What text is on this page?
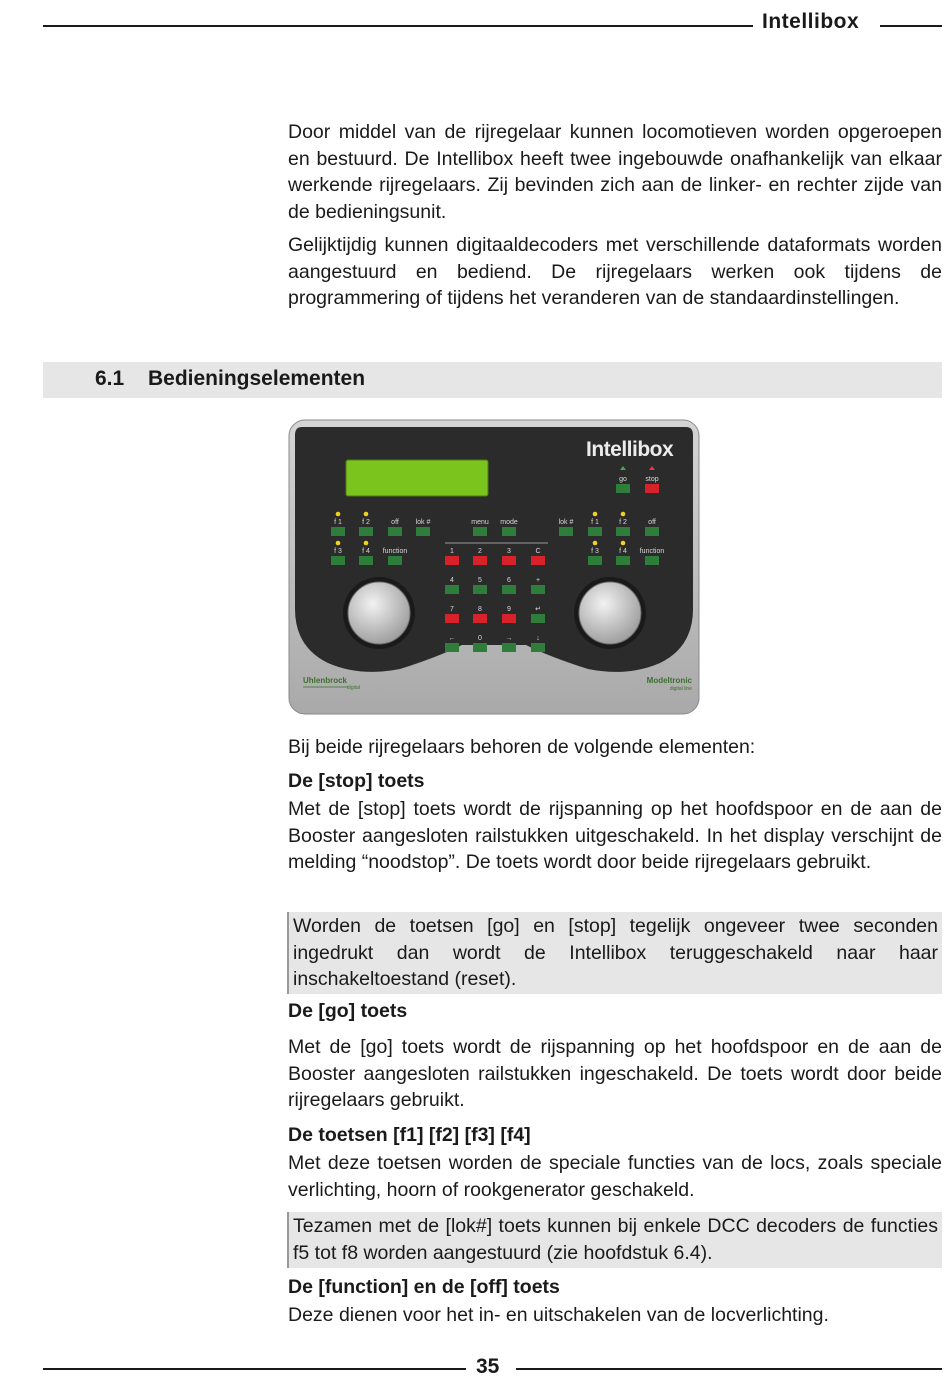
Intellibox

Door middel van de rijregelaar kunnen locomotieven worden opgeroepen en bestuurd. De Intellibox heeft twee ingebouwde onafhankelijk van elkaar werkende rijregelaars. Zij bevinden zich aan de linker- en rechter zijde van de bedieningsunit.

Gelijktijdig kunnen digitaaldecoders met verschillende dataformats worden aangestuurd en bediend. De rijregelaars werken ook tijdens de programmering of tijdens het veranderen van de standaardinstellingen.

6.1 Bedieningselementen
Intellibox
go	stop
f 1	f 2	off lok #
f 3	f 4 function
menu mode	lok #	f 1	f 2	off
f 3	f 4 function
1	2	3	C
4	5	6	+
7	8	9	↵
←	0	→	↓
Uhlenbrock
digital
Modeltronic
digital line

Bij beide rijregelaars behoren de volgende elementen:

De [stop] toets

Met de [stop] toets wordt de rijspanning op het hoofdspoor en de aan de Booster aangesloten railstukken uitgeschakeld. In het display verschijnt de melding “noodstop”. De toets wordt door beide rijregelaars gebruikt.

Worden de toetsen [go] en [stop] tegelijk ongeveer twee seconden ingedrukt dan wordt de Intellibox teruggeschakeld naar haar inschakeltoestand (reset).
De [go] toets

Met de [go] toets wordt de rijspanning op het hoofdspoor en de aan de Booster aangesloten railstukken ingeschakeld. De toets wordt door beide rijregelaars gebruikt.

De toetsen [f1] [f2] [f3] [f4]

Met deze toetsen worden de speciale functies van de locs, zoals speciale verlichting, hoorn of rookgenerator geschakeld.

Tezamen met de [lok#] toets kunnen bij enkele DCC decoders de functies f5 tot f8 worden aangestuurd (zie hoofdstuk 6.4).
De [function] en de [off] toets

Deze dienen voor het in- en uitschakelen van de locverlichting.

35
